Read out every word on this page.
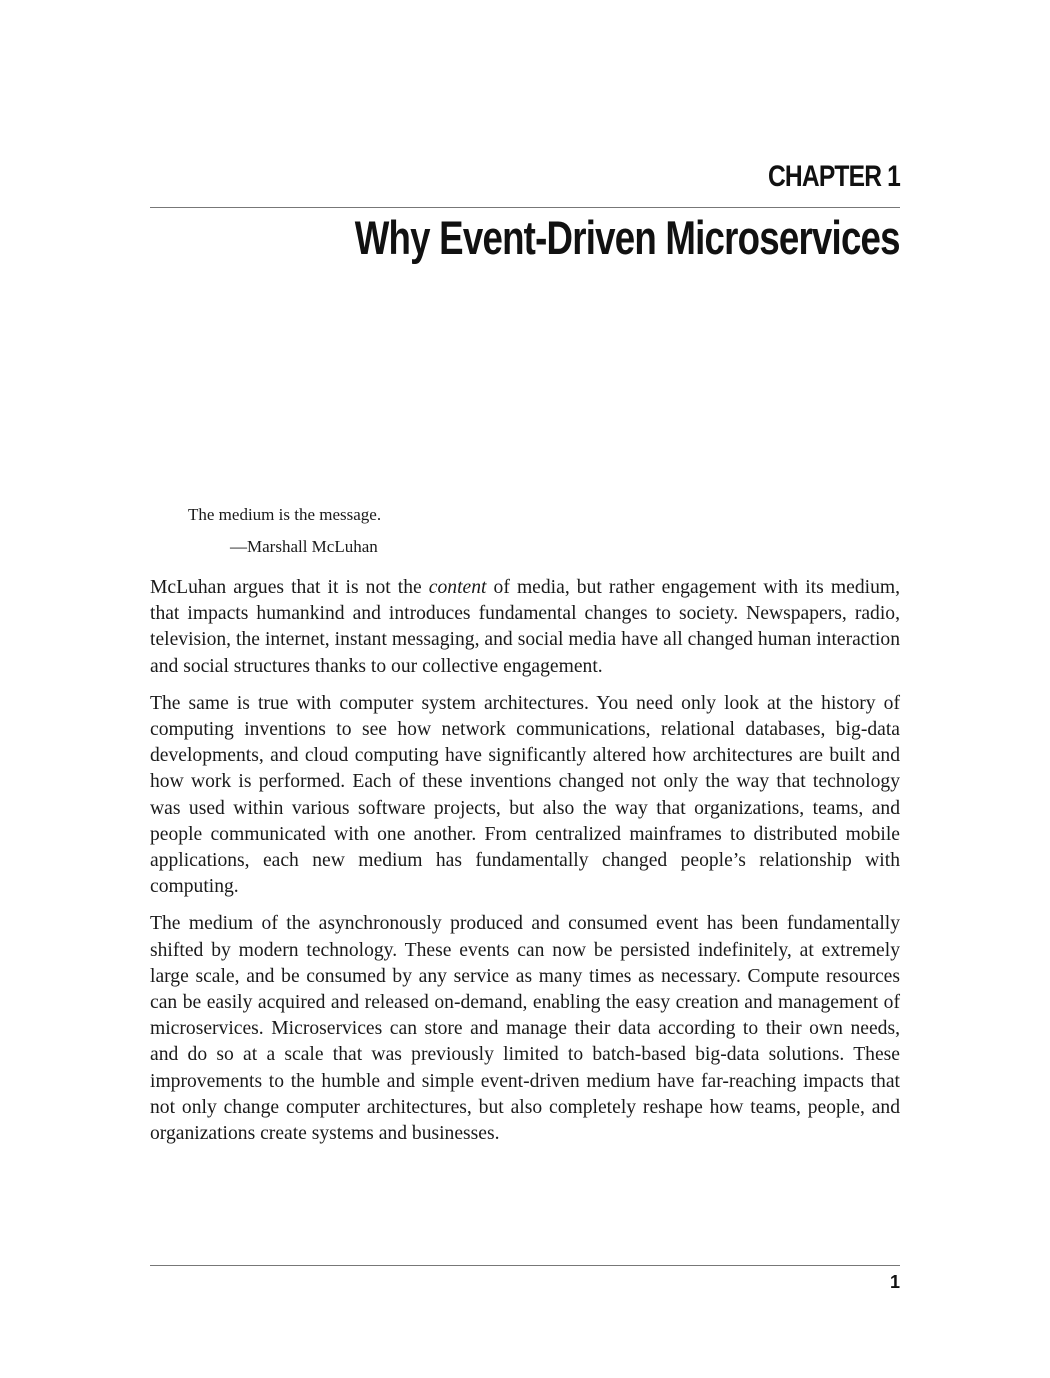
CHAPTER 1
Why Event-Driven Microservices
The medium is the message.
—Marshall McLuhan

McLuhan argues that it is not the content of media, but rather engagement with its medium, that impacts humankind and introduces fundamental changes to society. Newspapers, radio, television, the internet, instant messaging, and social media have all changed human interaction and social structures thanks to our collective engagement.

The same is true with computer system architectures. You need only look at the history of computing inventions to see how network communications, relational databases, big-data developments, and cloud computing have significantly altered how architectures are built and how work is performed. Each of these inventions changed not only the way that technology was used within various software projects, but also the way that organizations, teams, and people communicated with one another. From centralized mainframes to distributed mobile applications, each new medium has fundamentally changed people’s relationship with computing.

The medium of the asynchronously produced and consumed event has been fundamentally shifted by modern technology. These events can now be persisted indefinitely, at extremely large scale, and be consumed by any service as many times as necessary. Compute resources can be easily acquired and released on-demand, enabling the easy creation and management of microservices. Microservices can store and manage their data according to their own needs, and do so at a scale that was previously limited to batch-based big-data solutions. These improvements to the humble and simple event-driven medium have far-reaching impacts that not only change computer architectures, but also completely reshape how teams, people, and organizations create systems and businesses.

1
